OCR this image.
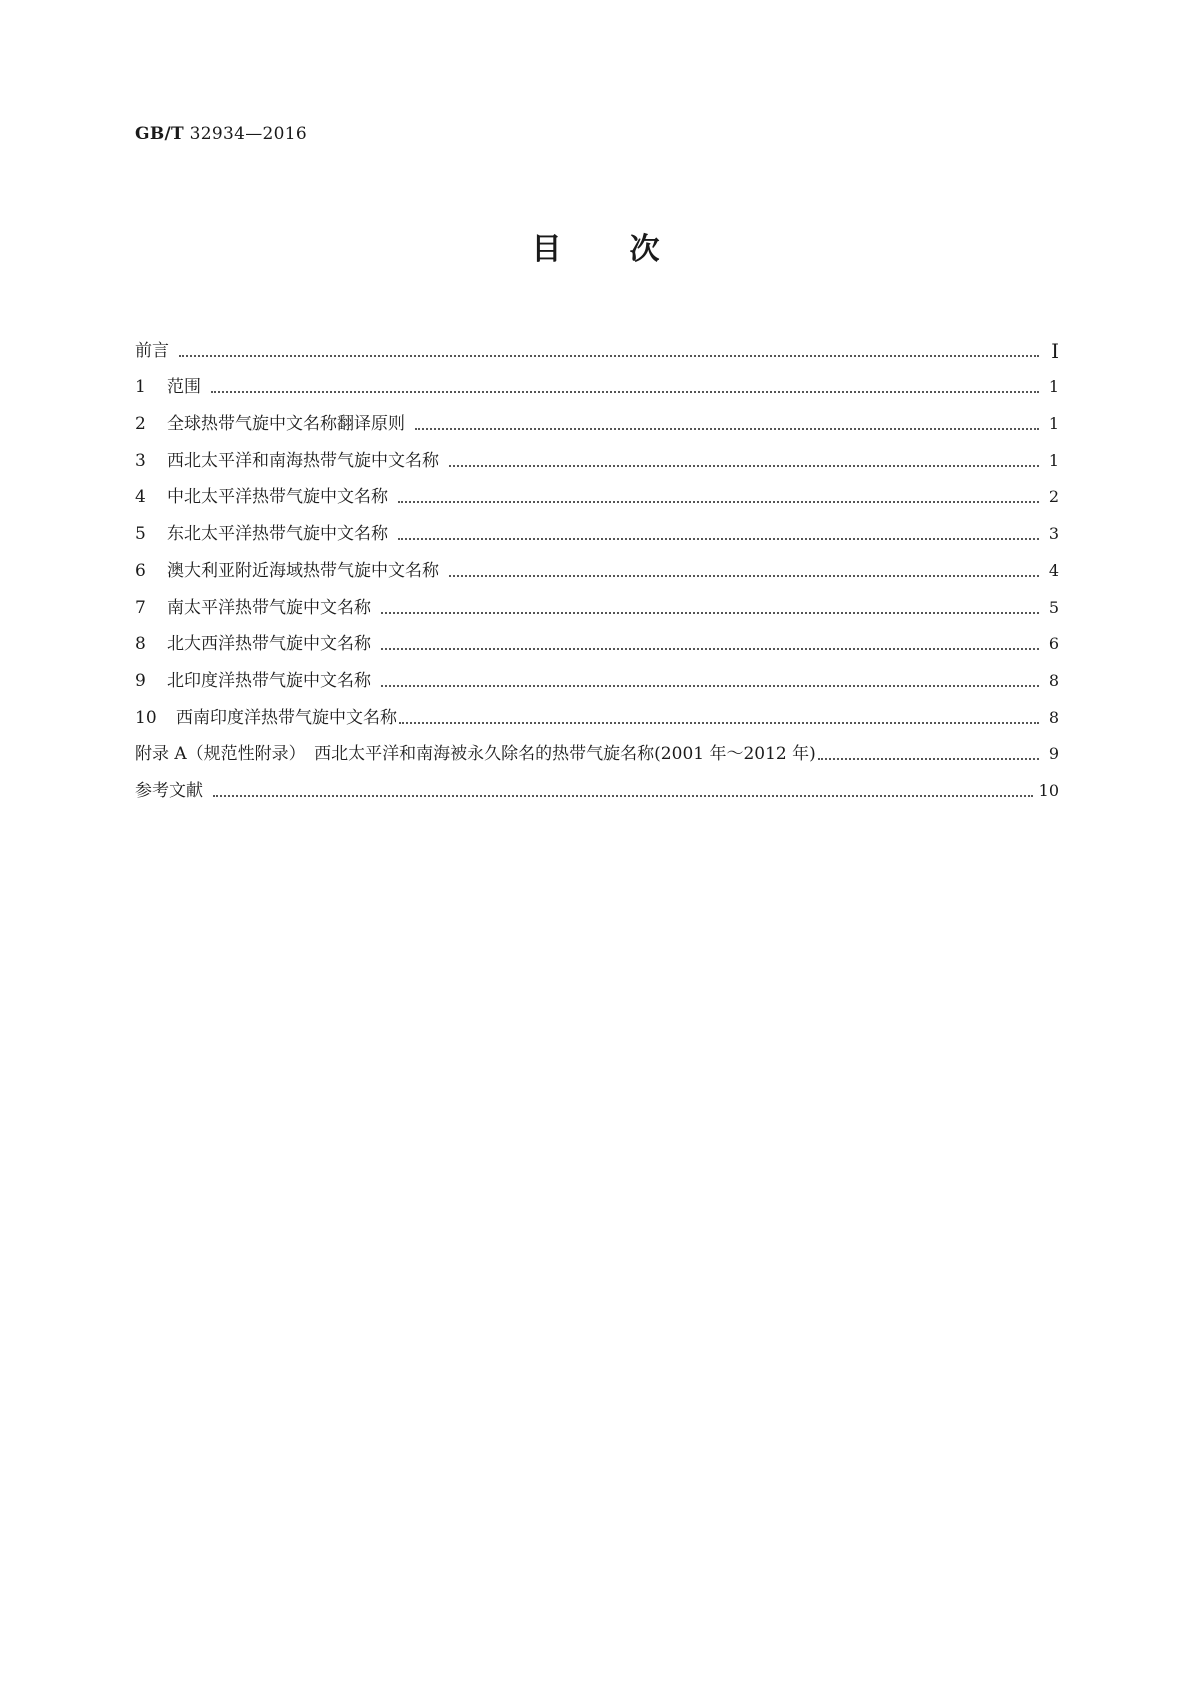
GB/T 32934—2016
目次
前言	Ⅰ
1	范围	1
2	全球热带气旋中文名称翻译原则	1
3	西北太平洋和南海热带气旋中文名称	1
4	中北太平洋热带气旋中文名称	2
5	东北太平洋热带气旋中文名称	3
6	澳大利亚附近海域热带气旋中文名称	4
7	南太平洋热带气旋中文名称	5
8	北大西洋热带气旋中文名称	6
9	北印度洋热带气旋中文名称	8
10	西南印度洋热带气旋中文名称	8
附录 A（规范性附录）　西北太平洋和南海被永久除名的热带气旋名称(2001 年～2012 年)	9
参考文献	10
